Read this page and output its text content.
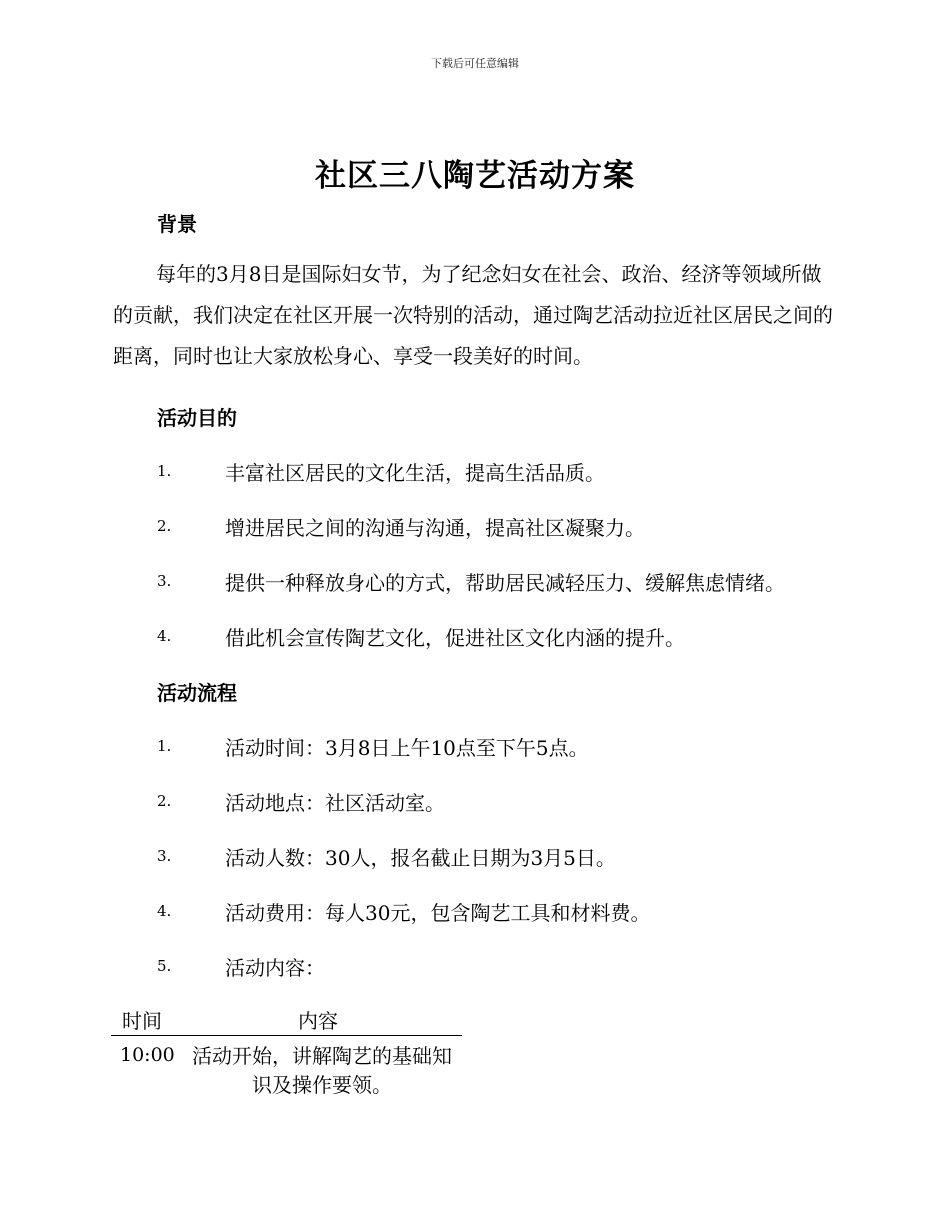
下载后可任意编辑
社区三八陶艺活动方案
背景
每年的3月8日是国际妇女节，为了纪念妇女在社会、政治、经济等领域所做的贡献，我们决定在社区开展一次特别的活动，通过陶艺活动拉近社区居民之间的距离，同时也让大家放松身心、享受一段美好的时间。
活动目的
1.	丰富社区居民的文化生活，提高生活品质。
2.	增进居民之间的沟通与沟通，提高社区凝聚力。
3.	提供一种释放身心的方式，帮助居民减轻压力、缓解焦虑情绪。
4.	借此机会宣传陶艺文化，促进社区文化内涵的提升。
活动流程
1.	活动时间：3月8日上午10点至下午5点。
2.	活动地点：社区活动室。
3.	活动人数：30人，报名截止日期为3月5日。
4.	活动费用：每人30元，包含陶艺工具和材料费。
5.	活动内容：
时间	内容
10:00 活动开始，讲解陶艺的基础知识及操作要领。
